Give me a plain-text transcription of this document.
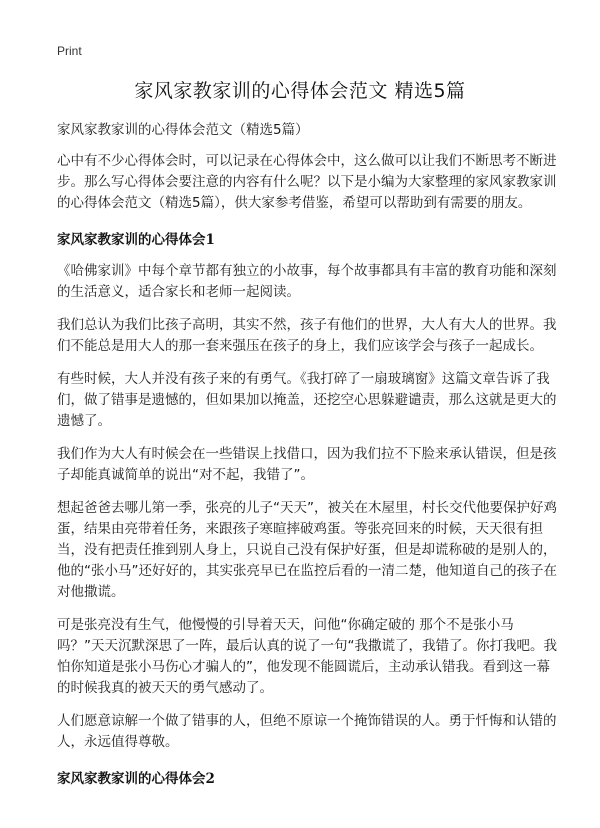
Print
家风家教家训的心得体会范文 精选5篇

家风家教家训的心得体会范文（精选5篇）

心中有不少心得体会时，可以记录在心得体会中，这么做可以让我们不断思考不断进步。那么写心得体会要注意的内容有什么呢？以下是小编为大家整理的家风家教家训的心得体会范文（精选5篇），供大家参考借鉴，希望可以帮助到有需要的朋友。

家风家教家训的心得体会1

《哈佛家训》中每个章节都有独立的小故事，每个故事都具有丰富的教育功能和深刻的生活意义，适合家长和老师一起阅读。

我们总认为我们比孩子高明，其实不然，孩子有他们的世界，大人有大人的世界。我们不能总是用大人的那一套来强压在孩子的身上，我们应该学会与孩子一起成长。

有些时候，大人并没有孩子来的有勇气。《我打碎了一扇玻璃窗》这篇文章告诉了我们，做了错事是遗憾的，但如果加以掩盖，还挖空心思躲避谴责，那么这就是更大的遗憾了。

我们作为大人有时候会在一些错误上找借口，因为我们拉不下脸来承认错误，但是孩子却能真诚简单的说出“对不起，我错了”。

想起爸爸去哪儿第一季，张亮的儿子“天天”，被关在木屋里，村长交代他要保护好鸡蛋，结果由亮带着任务，来跟孩子寒暄摔破鸡蛋。等张亮回来的时候，天天很有担当，没有把责任推到别人身上，只说自己没有保护好蛋，但是却谎称破的是别人的，他的“张小马”还好好的，其实张亮早已在监控后看的一清二楚，他知道自己的孩子在对他撒谎。

可是张亮没有生气，他慢慢的引导着天天，问他“你确定破的 那个不是张小马吗？”天天沉默深思了一阵，最后认真的说了一句“我撒谎了，我错了。你打我吧。我怕你知道是张小马伤心才骗人的”，他发现不能圆谎后，主动承认错我。看到这一幕的时候我真的被天天的勇气感动了。

人们愿意谅解一个做了错事的人，但绝不原谅一个掩饰错误的人。勇于忏悔和认错的人，永远值得尊敬。

家风家教家训的心得体会2
